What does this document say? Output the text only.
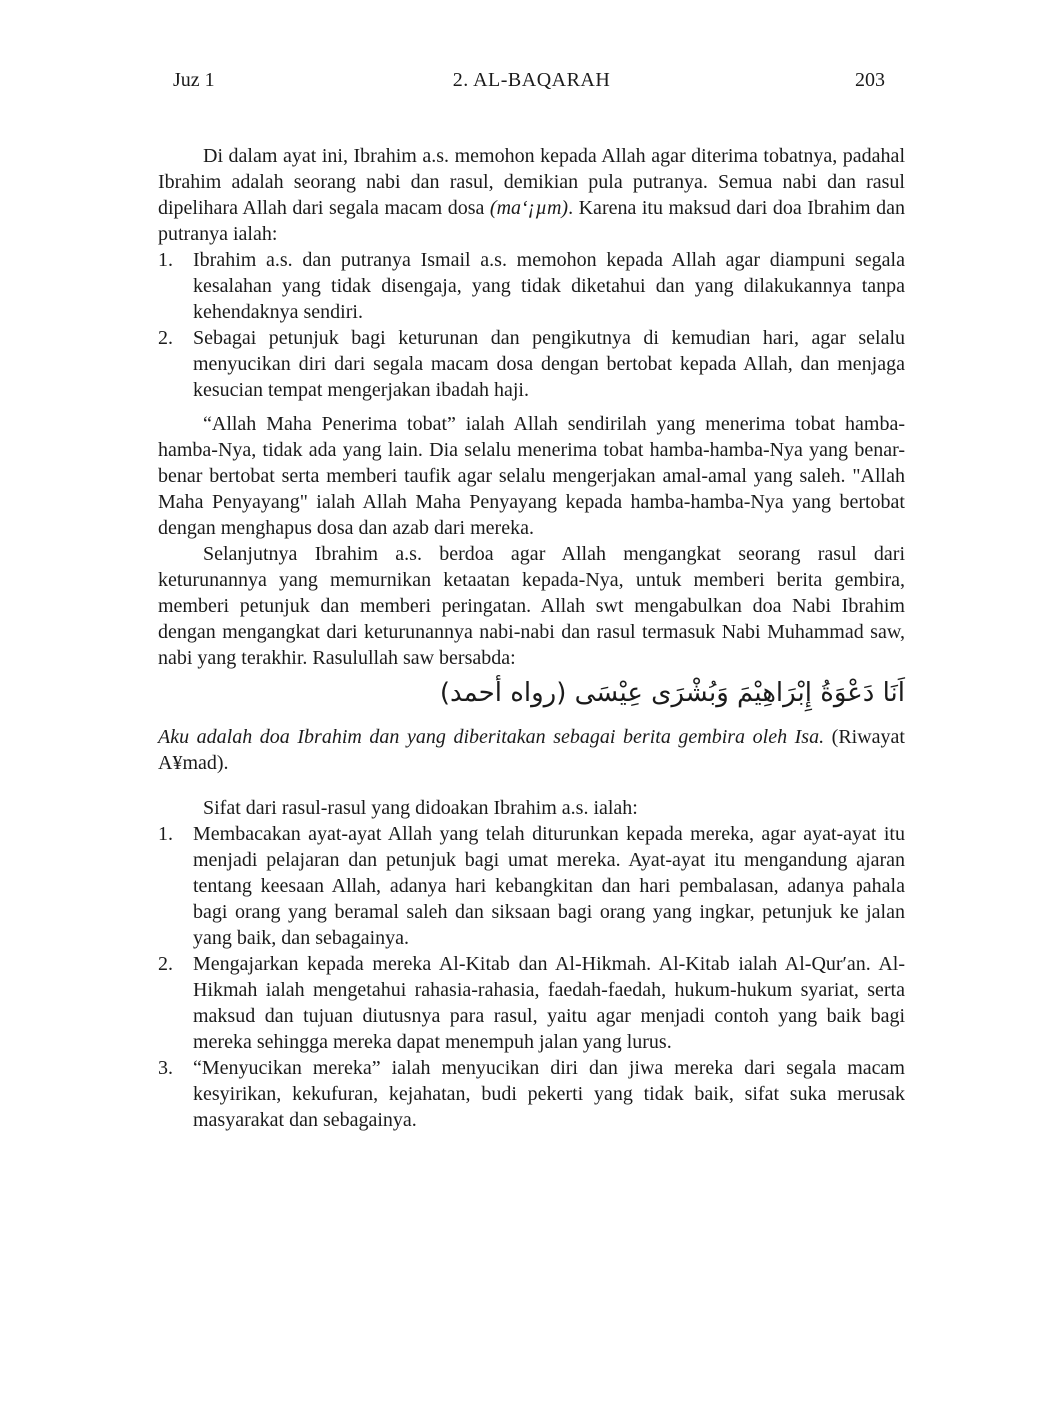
Juz 1	2. AL-BAQARAH	203

Di dalam ayat ini, Ibrahim a.s. memohon kepada Allah agar diterima tobatnya, padahal Ibrahim adalah seorang nabi dan rasul, demikian pula putranya. Semua nabi dan rasul dipelihara Allah dari segala macam dosa (ma‘¡µm). Karena itu maksud dari doa Ibrahim dan putranya ialah:

1.	Ibrahim a.s. dan putranya Ismail a.s. memohon kepada Allah agar diampuni segala kesalahan yang tidak disengaja, yang tidak diketahui dan yang dilakukannya tanpa kehendaknya sendiri.
2.	Sebagai petunjuk bagi keturunan dan pengikutnya di kemudian hari, agar selalu menyucikan diri dari segala macam dosa dengan bertobat kepada Allah, dan menjaga kesucian tempat mengerjakan ibadah haji.

“Allah Maha Penerima tobat” ialah Allah sendirilah yang menerima tobat hamba-hamba-Nya, tidak ada yang lain. Dia selalu menerima tobat hamba-hamba-Nya yang benar-benar bertobat serta memberi taufik agar selalu mengerjakan amal-amal yang saleh. "Allah Maha Penyayang" ialah Allah Maha Penyayang kepada hamba-hamba-Nya yang bertobat dengan menghapus dosa dan azab dari mereka.

Selanjutnya Ibrahim a.s. berdoa agar Allah mengangkat seorang rasul dari keturunannya yang memurnikan ketaatan kepada-Nya, untuk memberi berita gembira, memberi petunjuk dan memberi peringatan. Allah swt mengabulkan doa Nabi Ibrahim dengan mengangkat dari keturunannya nabi-nabi dan rasul termasuk Nabi Muhammad saw, nabi yang terakhir. Rasulullah saw bersabda:

اَنَا دَعْوَةُ إِبْرَاهِيْمَ وَبُشْرَى عِيْسَى (رواه أحمد)

Aku adalah doa Ibrahim dan yang diberitakan sebagai berita gembira oleh Isa. (Riwayat A¥mad).

Sifat dari rasul-rasul yang didoakan Ibrahim a.s. ialah:

1.	Membacakan ayat-ayat Allah yang telah diturunkan kepada mereka, agar ayat-ayat itu menjadi pelajaran dan petunjuk bagi umat mereka. Ayat-ayat itu mengandung ajaran tentang keesaan Allah, adanya hari kebangkitan dan hari pembalasan, adanya pahala bagi orang yang beramal saleh dan siksaan bagi orang yang ingkar, petunjuk ke jalan yang baik, dan sebagainya.
2.	Mengajarkan kepada mereka Al-Kitab dan Al-Hikmah. Al-Kitab ialah Al-Qur′an. Al-Hikmah ialah mengetahui rahasia-rahasia, faedah-faedah, hukum-hukum syariat, serta maksud dan tujuan diutusnya para rasul, yaitu agar menjadi contoh yang baik bagi mereka sehingga mereka dapat menempuh jalan yang lurus.
3.	“Menyucikan mereka” ialah menyucikan diri dan jiwa mereka dari segala macam kesyirikan, kekufuran, kejahatan, budi pekerti yang tidak baik, sifat suka merusak masyarakat dan sebagainya.
